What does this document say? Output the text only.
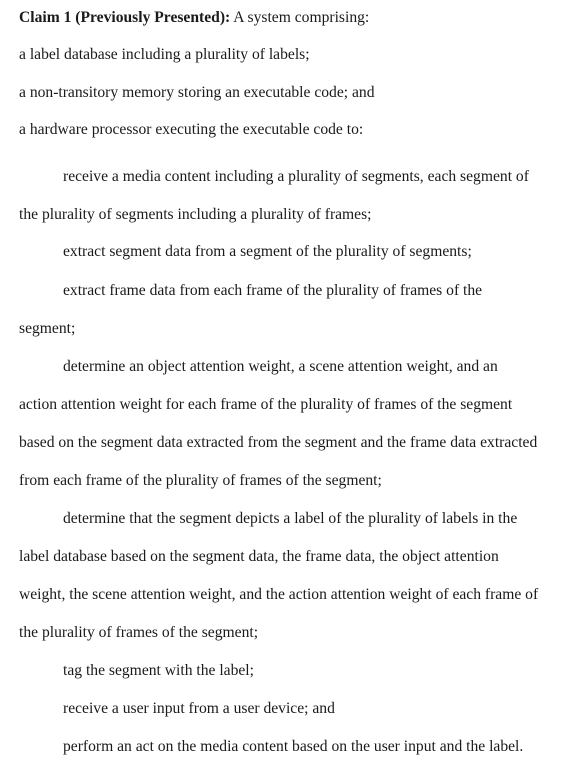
Claim 1 (Previously Presented): A system comprising:
a label database including a plurality of labels;
a non-transitory memory storing an executable code; and
a hardware processor executing the executable code to:
receive a media content including a plurality of segments, each segment of
the plurality of segments including a plurality of frames;
extract segment data from a segment of the plurality of segments;
extract frame data from each frame of the plurality of frames of the
segment;
determine an object attention weight, a scene attention weight, and an
action attention weight for each frame of the plurality of frames of the segment
based on the segment data extracted from the segment and the frame data extracted
from each frame of the plurality of frames of the segment;
determine that the segment depicts a label of the plurality of labels in the
label database based on the segment data, the frame data, the object attention
weight, the scene attention weight, and the action attention weight of each frame of
the plurality of frames of the segment;
tag the segment with the label;
receive a user input from a user device; and
perform an act on the media content based on the user input and the label.
